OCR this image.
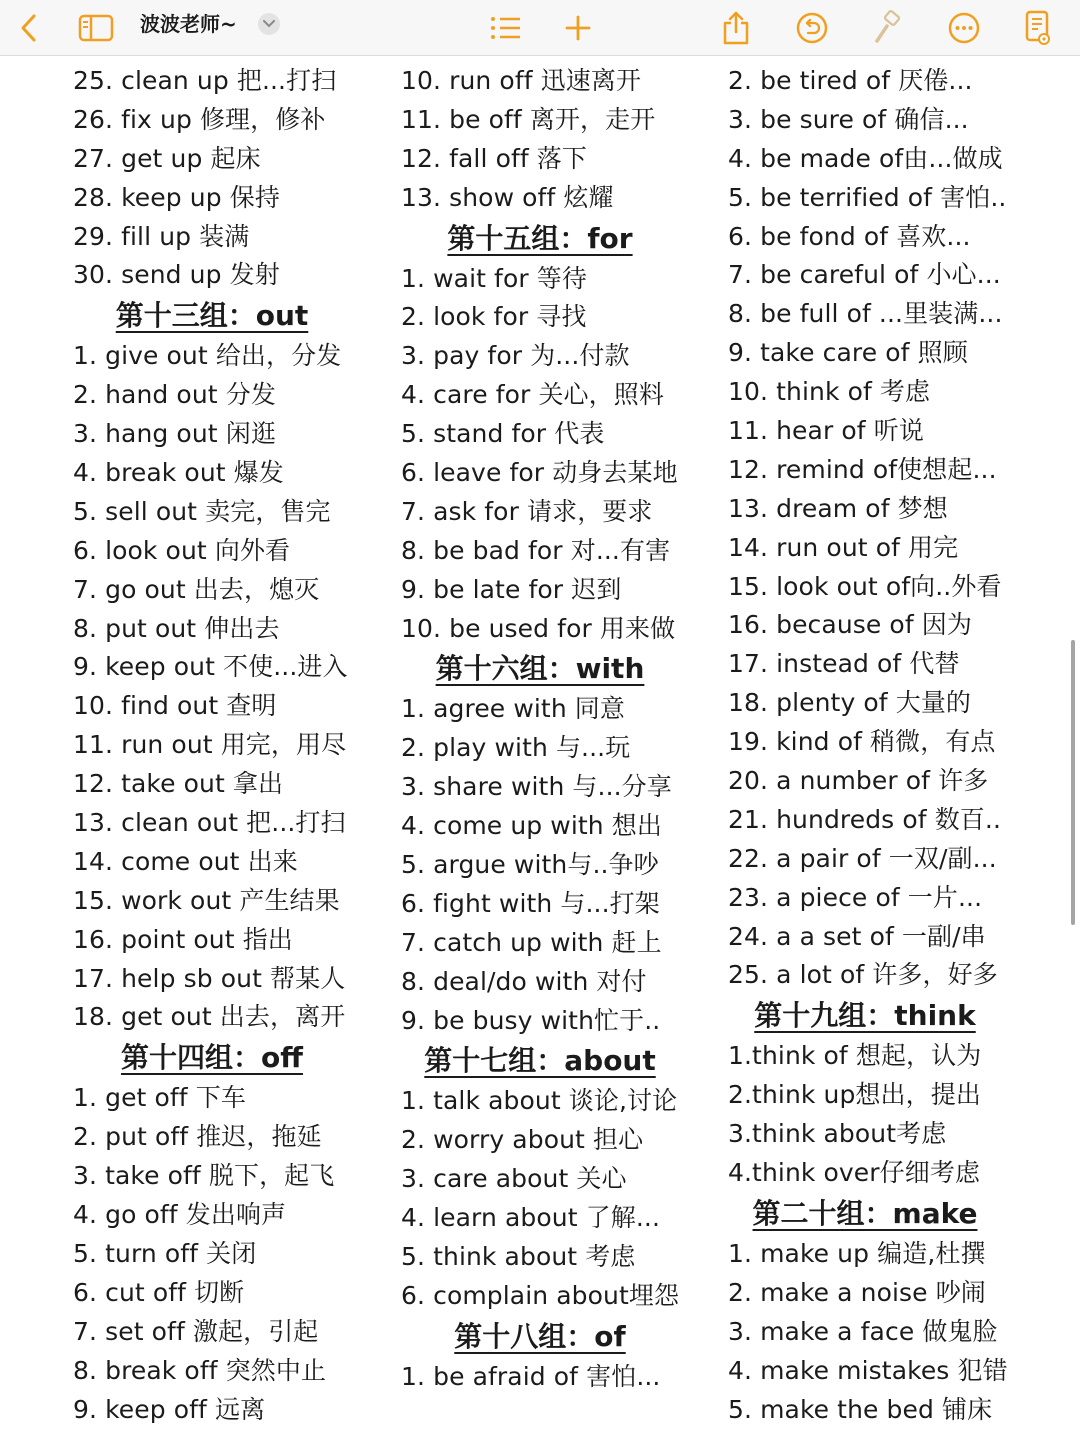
波波老师~
25. clean up 把...打扫
26. fix up 修理，修补
27. get up 起床
28. keep up 保持
29. fill up 装满
30. send up 发射
第十三组：out
1. give out 给出，分发
2. hand out 分发
3. hang out 闲逛
4. break out 爆发
5. sell out 卖完，售完
6. look out 向外看
7. go out 出去，熄灭
8. put out 伸出去
9. keep out 不使...进入
10. find out 查明
11. run out 用完，用尽
12. take out 拿出
13. clean out 把...打扫
14. come out 出来
15. work out 产生结果
16. point out 指出
17. help sb out 帮某人
18. get out 出去，离开
第十四组：off
1. get off 下车
2. put off 推迟，拖延
3. take off 脱下，起飞
4. go off 发出响声
5. turn off 关闭
6. cut off 切断
7. set off 激起，引起
8. break off 突然中止
9. keep off 远离
10. run off 迅速离开
11. be off 离开，走开
12. fall off 落下
13. show off 炫耀
第十五组：for
1. wait for 等待
2. look for 寻找
3. pay for 为...付款
4. care for 关心，照料
5. stand for 代表
6. leave for 动身去某地
7. ask for 请求，要求
8. be bad for 对...有害
9. be late for 迟到
10. be used for 用来做
第十六组：with
1. agree with 同意
2. play with 与...玩
3. share with 与...分享
4. come up with 想出
5. argue with与..争吵
6. fight with 与...打架
7. catch up with 赶上
8. deal/do with 对付
9. be busy with忙于..
第十七组：about
1. talk about 谈论,讨论
2. worry about 担心
3. care about 关心
4. learn about 了解...
5. think about 考虑
6. complain about埋怨
第十八组：of
1. be afraid of 害怕...
2. be tired of 厌倦...
3. be sure of 确信...
4. be made of由...做成
5. be terrified of 害怕..
6. be fond of 喜欢...
7. be careful of 小心...
8. be full of ...里装满...
9. take care of 照顾
10. think of 考虑
11. hear of 听说
12. remind of使想起...
13. dream of 梦想
14. run out of 用完
15. look out of向..外看
16. because of 因为
17. instead of 代替
18. plenty of 大量的
19. kind of 稍微，有点
20. a number of 许多
21. hundreds of 数百..
22. a pair of 一双/副...
23. a piece of 一片...
24. a a set of 一副/串
25. a lot of 许多，好多
第十九组：think
1.think of 想起，认为
2.think up想出，提出
3.think about考虑
4.think over仔细考虑
第二十组：make
1. make up 编造,杜撰
2. make a noise 吵闹
3. make a face 做鬼脸
4. make mistakes 犯错
5. make the bed 铺床
